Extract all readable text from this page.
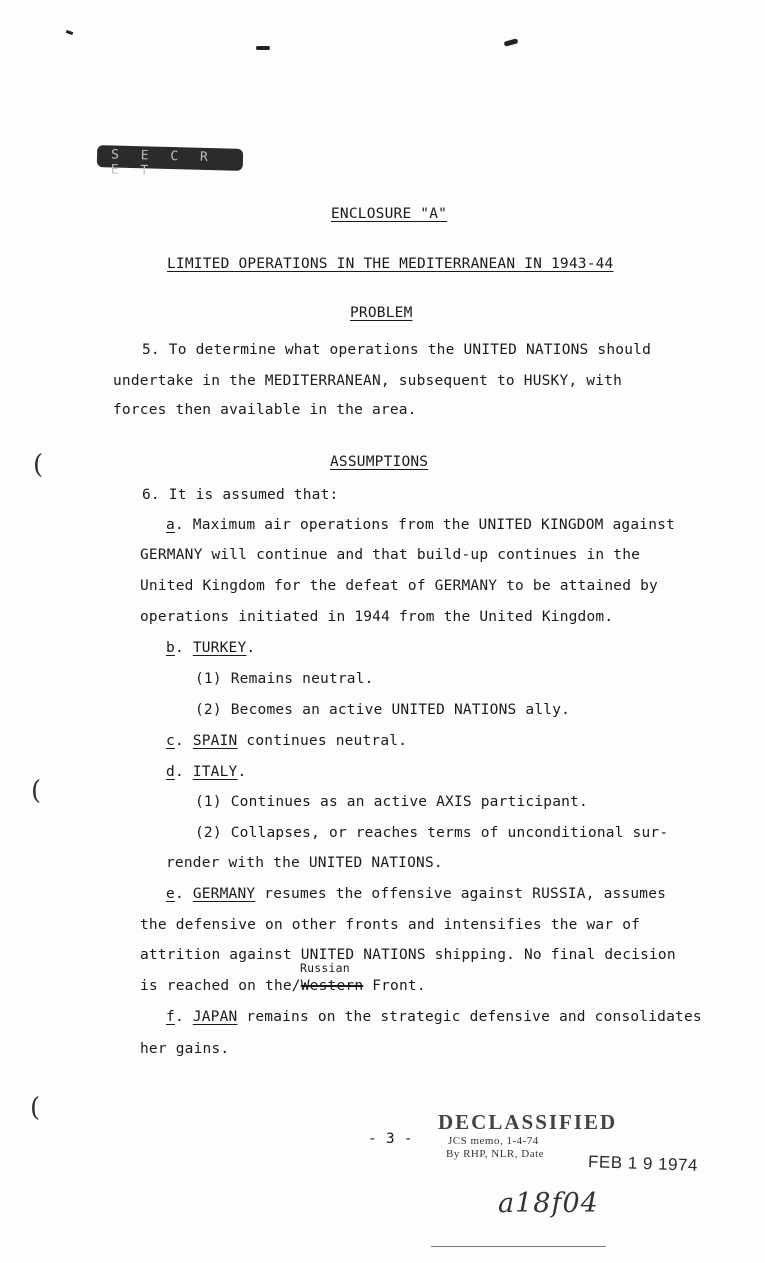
S E C R E T
ENCLOSURE "A"
LIMITED OPERATIONS IN THE MEDITERRANEAN IN 1943-44
PROBLEM
5. To determine what operations the UNITED NATIONS should
undertake in the MEDITERRANEAN, subsequent to HUSKY, with
forces then available in the area.
ASSUMPTIONS
6. It is assumed that:
a. Maximum air operations from the UNITED KINGDOM against
GERMANY will continue and that build-up continues in the
United Kingdom for the defeat of GERMANY to be attained by
operations initiated in 1944 from the United Kingdom.
b. TURKEY.
(1) Remains neutral.
(2) Becomes an active UNITED NATIONS ally.
c. SPAIN continues neutral.
d. ITALY.
(1) Continues as an active AXIS participant.
(2) Collapses, or reaches terms of unconditional sur-
render with the UNITED NATIONS.
e. GERMANY resumes the offensive against RUSSIA, assumes
the defensive on other fronts and intensifies the war of
attrition against UNITED NATIONS shipping. No final decision
Russian
is reached on the/Western Front.
f. JAPAN remains on the strategic defensive and consolidates
her gains.
(
(
(
- 3 -
DECLASSIFIED
JCS memo, 1-4-74
By RHP, NLR, Date	FEB 1 9 1974
a18f04
